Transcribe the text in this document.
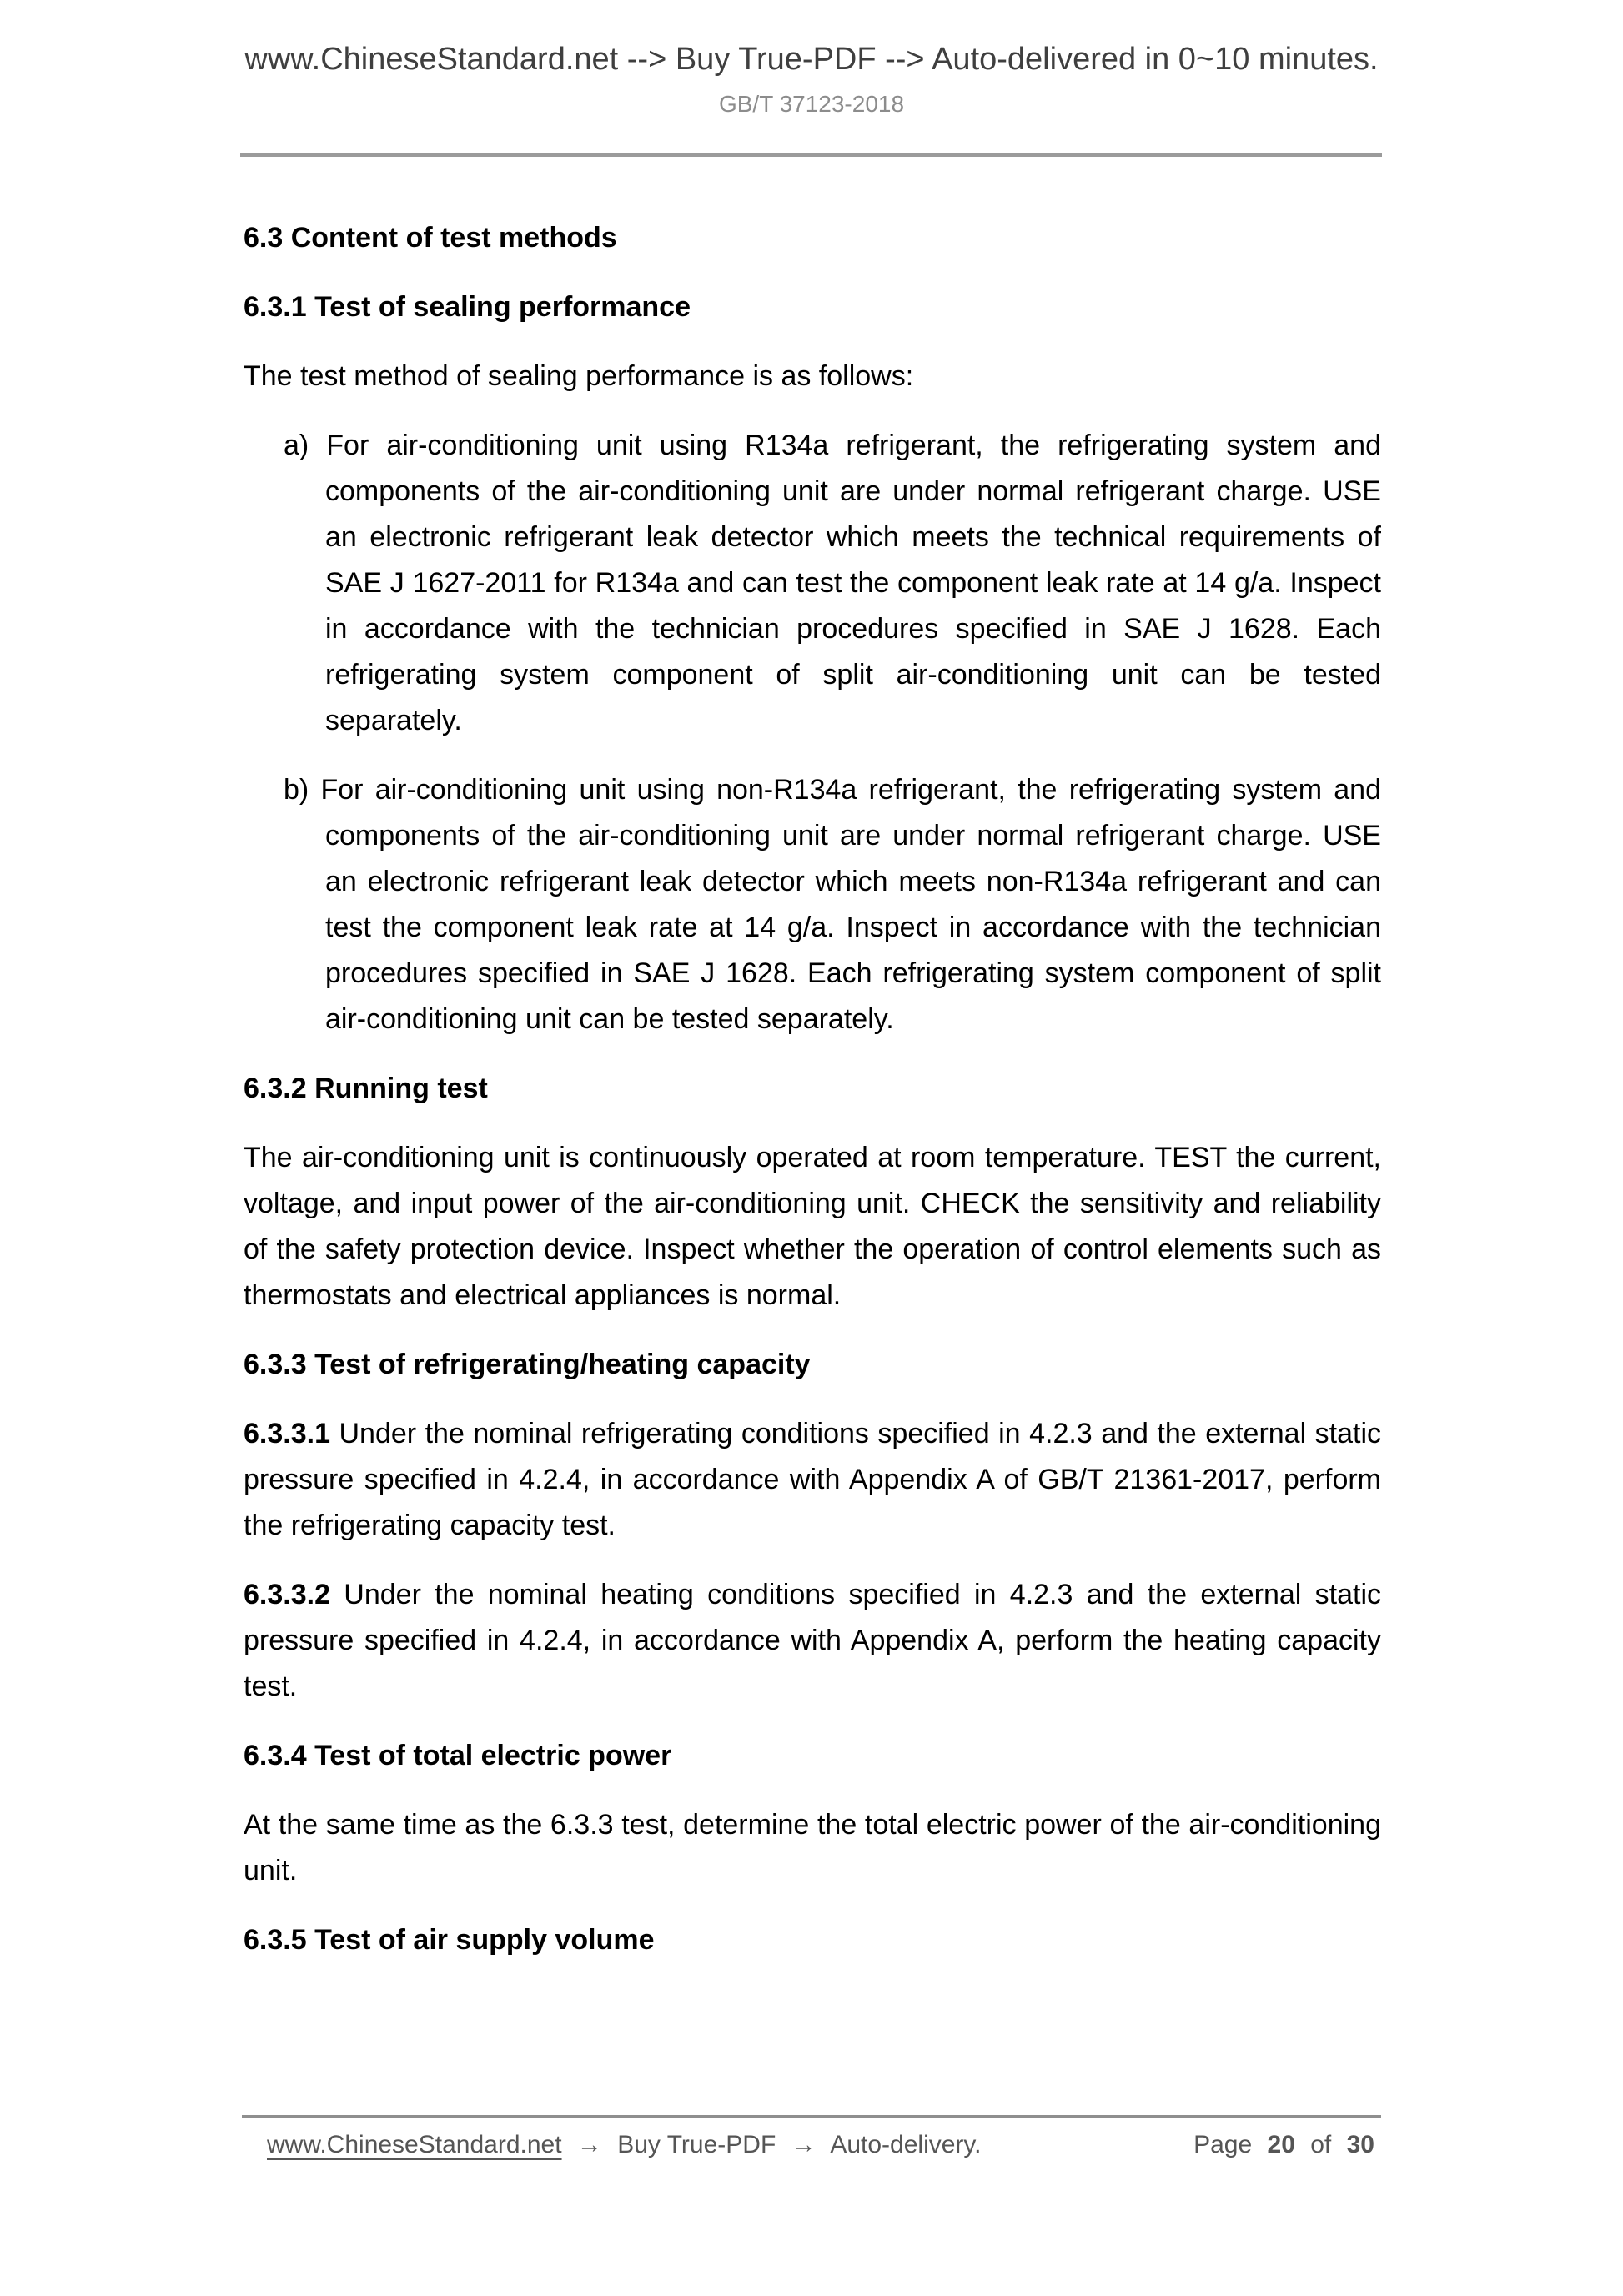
www.ChineseStandard.net --> Buy True-PDF --> Auto-delivered in 0~10 minutes.
GB/T 37123-2018
6.3 Content of test methods
6.3.1 Test of sealing performance
The test method of sealing performance is as follows:
a) For air-conditioning unit using R134a refrigerant, the refrigerating system and components of the air-conditioning unit are under normal refrigerant charge. USE an electronic refrigerant leak detector which meets the technical requirements of SAE J 1627-2011 for R134a and can test the component leak rate at 14 g/a. Inspect in accordance with the technician procedures specified in SAE J 1628. Each refrigerating system component of split air-conditioning unit can be tested separately.
b) For air-conditioning unit using non-R134a refrigerant, the refrigerating system and components of the air-conditioning unit are under normal refrigerant charge. USE an electronic refrigerant leak detector which meets non-R134a refrigerant and can test the component leak rate at 14 g/a. Inspect in accordance with the technician procedures specified in SAE J 1628. Each refrigerating system component of split air-conditioning unit can be tested separately.
6.3.2 Running test
The air-conditioning unit is continuously operated at room temperature. TEST the current, voltage, and input power of the air-conditioning unit. CHECK the sensitivity and reliability of the safety protection device. Inspect whether the operation of control elements such as thermostats and electrical appliances is normal.
6.3.3 Test of refrigerating/heating capacity
6.3.3.1 Under the nominal refrigerating conditions specified in 4.2.3 and the external static pressure specified in 4.2.4, in accordance with Appendix A of GB/T 21361-2017, perform the refrigerating capacity test.
6.3.3.2 Under the nominal heating conditions specified in 4.2.3 and the external static pressure specified in 4.2.4, in accordance with Appendix A, perform the heating capacity test.
6.3.4 Test of total electric power
At the same time as the 6.3.3 test, determine the total electric power of the air-conditioning unit.
6.3.5 Test of air supply volume
www.ChineseStandard.net → Buy True-PDF → Auto-delivery.	Page 20 of 30
